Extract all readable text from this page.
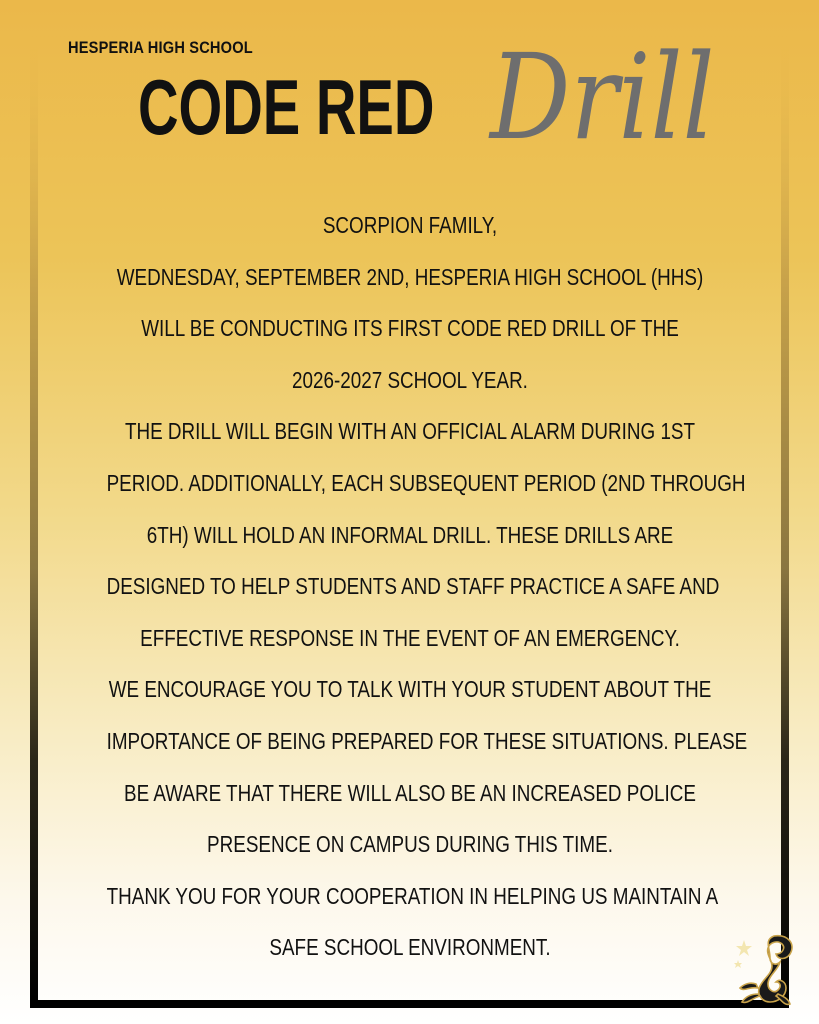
HESPERIA HIGH SCHOOL
CODE RED Drill
SCORPION FAMILY,
WEDNESDAY, SEPTEMBER 2ND, HESPERIA HIGH SCHOOL (HHS)
WILL BE CONDUCTING ITS FIRST CODE RED DRILL OF THE
2026-2027 SCHOOL YEAR.
THE DRILL WILL BEGIN WITH AN OFFICIAL ALARM DURING 1ST
PERIOD. ADDITIONALLY, EACH SUBSEQUENT PERIOD (2ND THROUGH
6TH) WILL HOLD AN INFORMAL DRILL. THESE DRILLS ARE
DESIGNED TO HELP STUDENTS AND STAFF PRACTICE A SAFE AND
EFFECTIVE RESPONSE IN THE EVENT OF AN EMERGENCY.
WE ENCOURAGE YOU TO TALK WITH YOUR STUDENT ABOUT THE
IMPORTANCE OF BEING PREPARED FOR THESE SITUATIONS. PLEASE
BE AWARE THAT THERE WILL ALSO BE AN INCREASED POLICE
PRESENCE ON CAMPUS DURING THIS TIME.
THANK YOU FOR YOUR COOPERATION IN HELPING US MAINTAIN A
SAFE SCHOOL ENVIRONMENT.
